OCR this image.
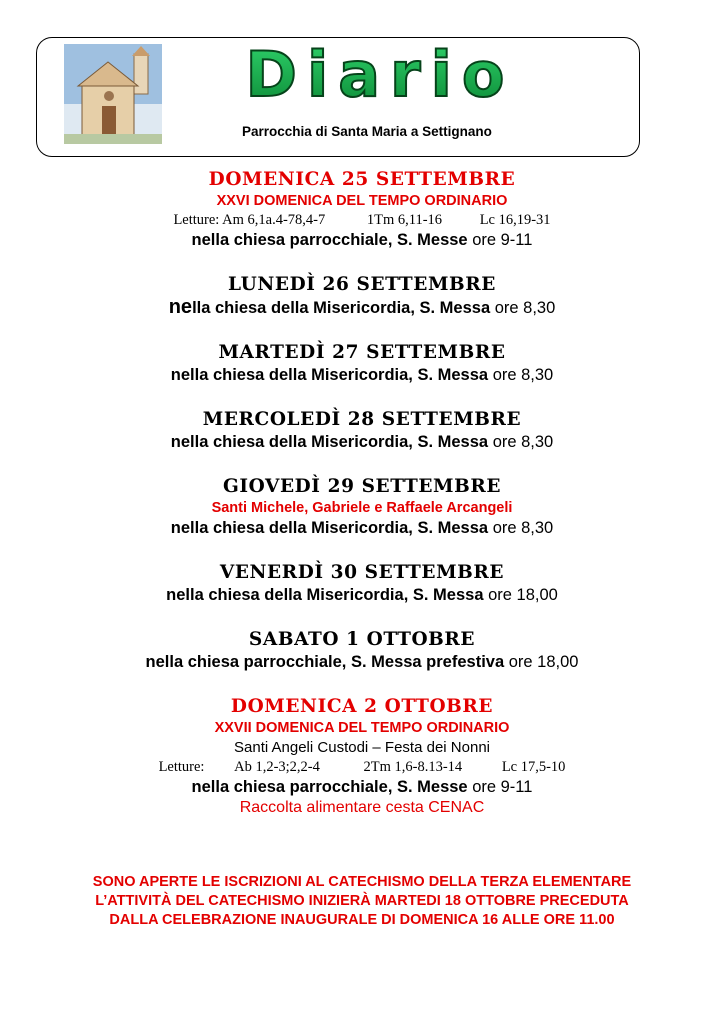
Diario
Parrocchia di Santa Maria a Settignano
DOMENICA 25 SETTEMBRE
XXVI DOMENICA DEL TEMPO ORDINARIO
Letture: Am 6,1a.4-78,4-7	1Tm 6,11-16	Lc 16,19-31
nella chiesa parrocchiale, S. Messe ore 9-11
LUNEDÌ 26 SETTEMBRE
nella chiesa della Misericordia, S. Messa ore 8,30
MARTEDÌ 27 SETTEMBRE
nella chiesa della Misericordia, S. Messa ore 8,30
MERCOLEDÌ 28 SETTEMBRE
nella chiesa della Misericordia, S. Messa ore 8,30
GIOVEDÌ 29 SETTEMBRE
Santi Michele, Gabriele e Raffaele Arcangeli
nella chiesa della Misericordia, S. Messa ore 8,30
VENERDÌ 30 SETTEMBRE
nella chiesa della Misericordia, S. Messa ore 18,00
SABATO 1 OTTOBRE
nella chiesa parrocchiale, S. Messa prefestiva ore 18,00
DOMENICA 2 OTTOBRE
XXVII DOMENICA DEL TEMPO ORDINARIO
Santi Angeli Custodi – Festa dei Nonni
Letture: Ab 1,2-3;2,2-4	2Tm 1,6-8.13-14	Lc 17,5-10
nella chiesa parrocchiale, S. Messe ore 9-11
Raccolta alimentare cesta CENAC
SONO APERTE LE ISCRIZIONI AL CATECHISMO DELLA TERZA ELEMENTARE
L’ATTIVITÀ DEL CATECHISMO INIZIERÀ MARTEDI 18 OTTOBRE PRECEDUTA
DALLA CELEBRAZIONE INAUGURALE DI DOMENICA 16 ALLE ORE 11.00
